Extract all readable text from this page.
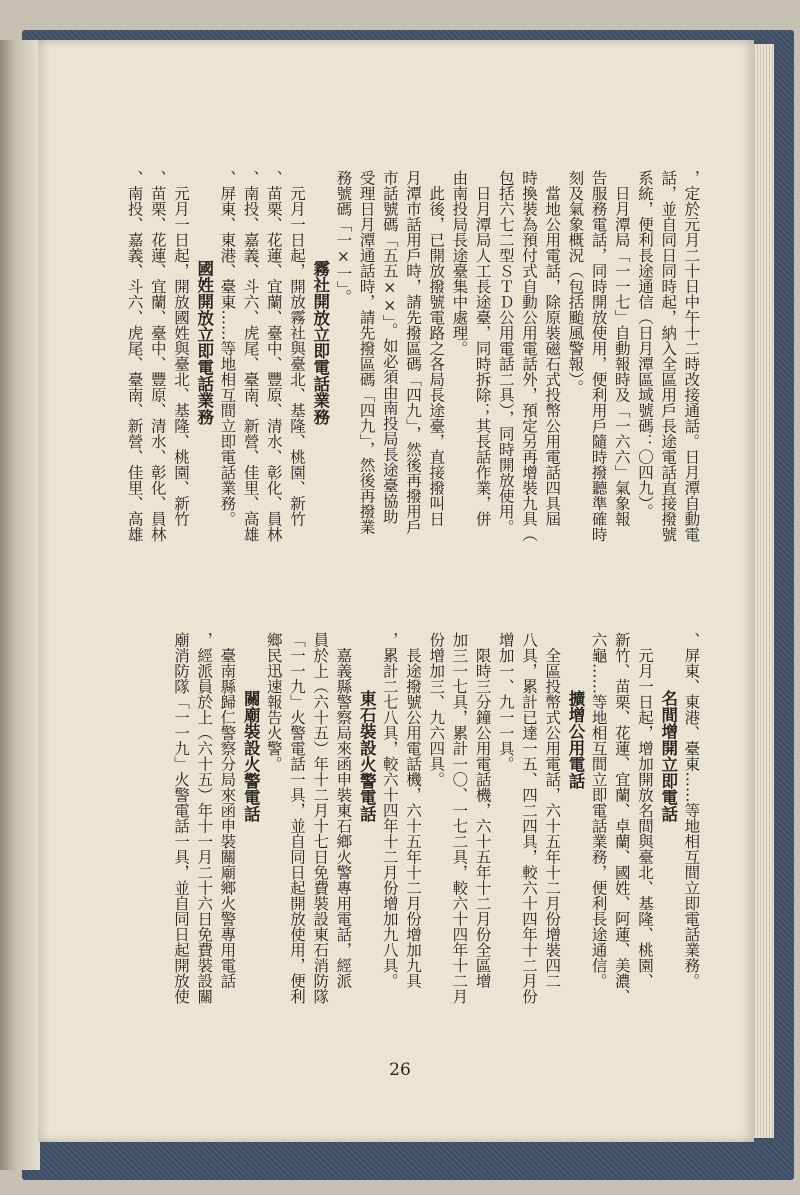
，定於元月二十日中午十二時改接通話。日月潭自動電
話，並自同日同時起，納入全區用戶長途電話直接撥號
系統，便利長途通信（日月潭區域號碼：〇四九）。
　日月潭局「一一七」自動報時及「一六六」氣象報
告服務電話，同時開放使用，便利用戶隨時撥聽準確時
刻及氣象概況（包括颱風警報）。
　當地公用電話，除原裝磁石式投幣公用電話四具屆
時換裝為預付式自動公用電話外，預定另再增裝九具（
包括六七二型ＳＴＤ公用電話二具），同時開放使用。
　日月潭局人工長途臺，同時拆除；其長話作業，併
由南投局長途臺集中處理。
　此後，已開放撥號電路之各局長途臺，直接撥叫日
月潭市話用戶時，請先撥區碼「四九」，然後再撥用戶
市話號碼「五五××」。如必須由南投局長途臺協助
受理日月潭通話時，請先撥區碼「四九」，然後再撥業
務號碼「一×一」。
霧社開放立即電話業務
　元月一日起，開放霧社與臺北、基隆、桃園、新竹
、苗栗、花蓮、宜蘭、臺中、豐原、清水、彰化、員林
、南投、嘉義、斗六、虎尾、臺南、新營、佳里、高雄
、屏東、東港、臺東……等地相互間立即電話業務。
國姓開放立即電話業務
　元月一日起，開放國姓與臺北、基隆、桃園、新竹
、苗栗、花蓮、宜蘭、臺中、豐原、清水、彰化、員林
、南投、嘉義、斗六、虎尾、臺南、新營、佳里、高雄
、屏東、東港、臺東……等地相互間立即電話業務。
名間增開立即電話
　元月一日起，增加開放名間與臺北、基隆、桃園、
新竹、苗栗、花蓮、宜蘭、卓蘭、國姓、阿蓮、美濃、
六龜……等地相互間立即電話業務，便利長途通信。
擴增公用電話
　全區投幣式公用電話，六十五年十二月份增裝四二
八具，累計已達一五、四二四具，較六十四年十二月份
增加一、九一一具。
　限時三分鐘公用電話機，六十五年十二月份全區增
加三一七具，累計一〇、一七二具，較六十四年十二月
份增加三、九六四具。
　長途撥號公用電話機，六十五年十二月份增加九具
，累計二七八具，較六十四年十二月份增加九八具。
東石裝設火警電話
　嘉義縣警察局來函申裝東石鄉火警專用電話，經派
員於上（六十五）年十二月十七日免費裝設東石消防隊
「一一九」火警電話一具，並自同日起開放使用，便利
鄉民迅速報告火警。
關廟裝設火警電話
　臺南縣歸仁警察分局來函申裝關廟鄉火警專用電話
，經派員於上（六十五）年十一月二十六日免費裝設關
廟消防隊「一一九」火警電話一具，並自同日起開放使
26
